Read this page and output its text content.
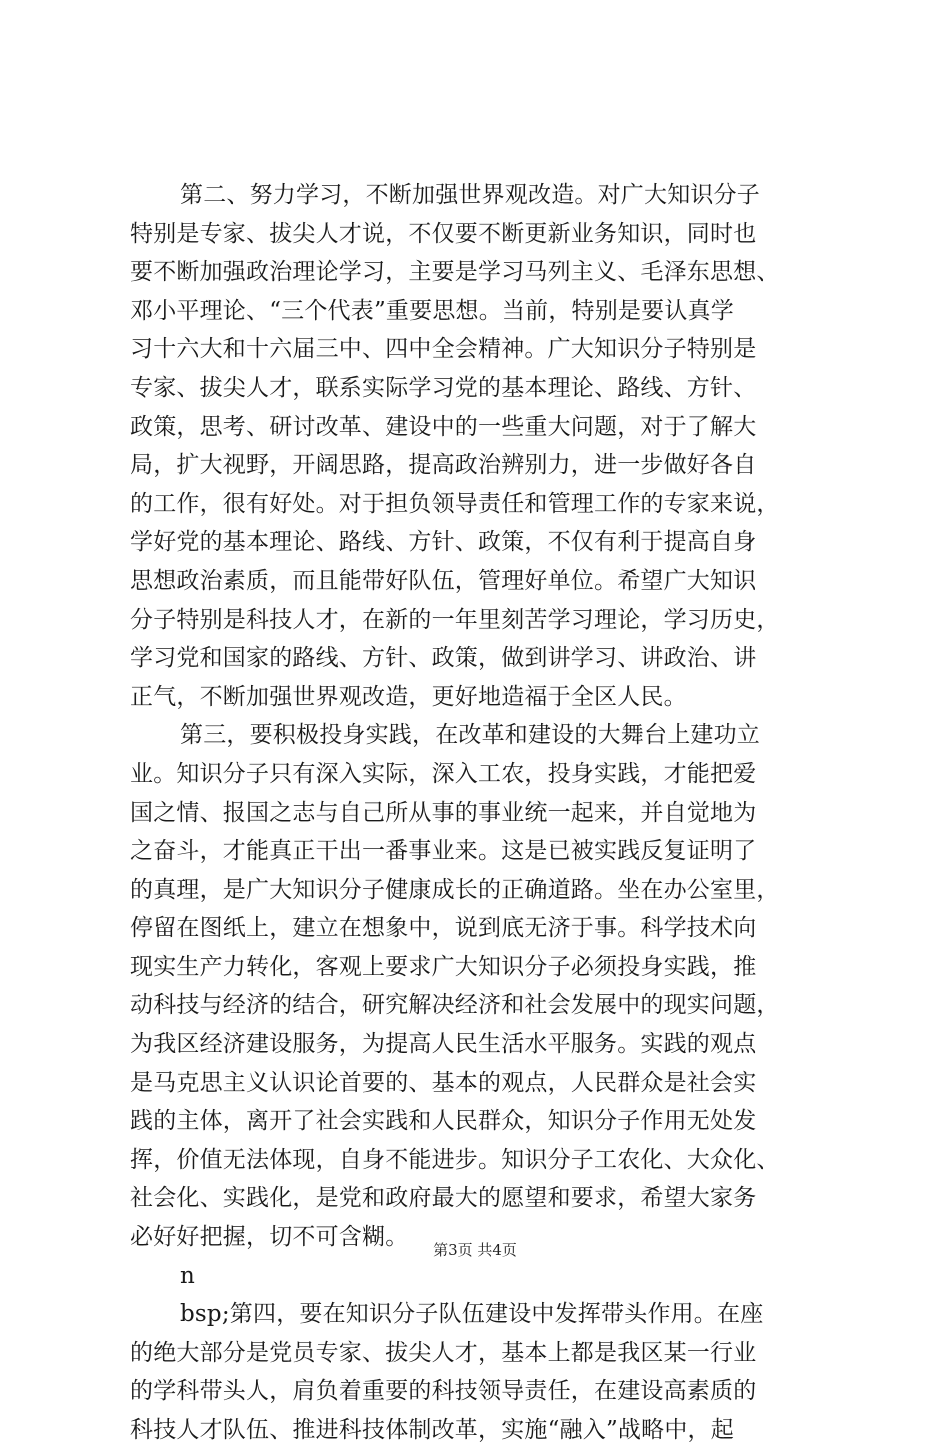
第二、努力学习，不断加强世界观改造。对广大知识分子
特别是专家、拔尖人才说，不仅要不断更新业务知识，同时也
要不断加强政治理论学习，主要是学习马列主义、毛泽东思想、
邓小平理论、“三个代表”重要思想。当前，特别是要认真学
习十六大和十六届三中、四中全会精神。广大知识分子特别是
专家、拔尖人才，联系实际学习党的基本理论、路线、方针、
政策，思考、研讨改革、建设中的一些重大问题，对于了解大
局，扩大视野，开阔思路，提高政治辨别力，进一步做好各自
的工作，很有好处。对于担负领导责任和管理工作的专家来说，
学好党的基本理论、路线、方针、政策，不仅有利于提高自身
思想政治素质，而且能带好队伍，管理好单位。希望广大知识
分子特别是科技人才，在新的一年里刻苦学习理论，学习历史，
学习党和国家的路线、方针、政策，做到讲学习、讲政治、讲
正气，不断加强世界观改造，更好地造福于全区人民。
第三，要积极投身实践，在改革和建设的大舞台上建功立
业。知识分子只有深入实际，深入工农，投身实践，才能把爱
国之情、报国之志与自己所从事的事业统一起来，并自觉地为
之奋斗，才能真正干出一番事业来。这是已被实践反复证明了
的真理，是广大知识分子健康成长的正确道路。坐在办公室里，
停留在图纸上，建立在想象中，说到底无济于事。科学技术向
现实生产力转化，客观上要求广大知识分子必须投身实践，推
动科技与经济的结合，研究解决经济和社会发展中的现实问题，
为我区经济建设服务，为提高人民生活水平服务。实践的观点
是马克思主义认识论首要的、基本的观点，人民群众是社会实
践的主体，离开了社会实践和人民群众，知识分子作用无处发
挥，价值无法体现，自身不能进步。知识分子工农化、大众化、
社会化、实践化，是党和政府最大的愿望和要求，希望大家务
必好好把握，切不可含糊。
n
bsp;第四，要在知识分子队伍建设中发挥带头作用。在座
的绝大部分是党员专家、拔尖人才，基本上都是我区某一行业
的学科带头人，肩负着重要的科技领导责任，在建设高素质的
科技人才队伍、推进科技体制改革，实施“融入”战略中，起
第3页 共4页
